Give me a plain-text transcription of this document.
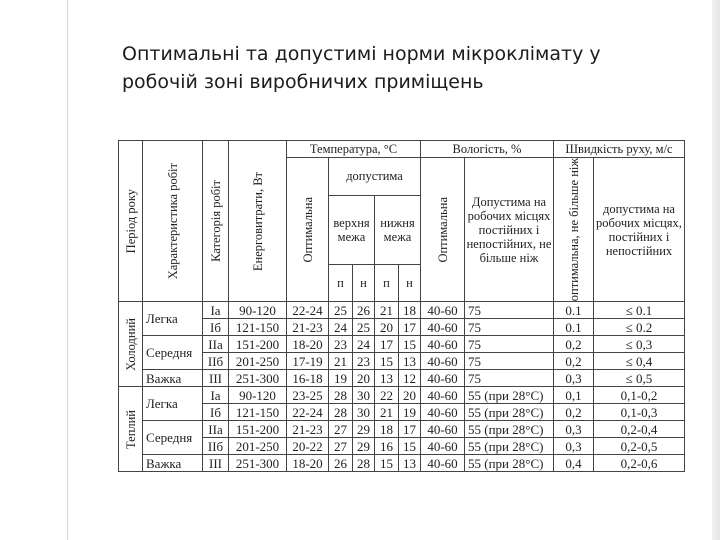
Оптимальні та допустимі норми мікроклімату у
робочій зоні виробничих приміщень
Період року	Характеристика робіт	Категорія робіт	Енерговитрати, Вт	Температура, °С					Вологість, %		Швидкість руху, м/с	

				Оптимальна	допустима				Оптимальна	Допустима на робочих місцях постійних і непостійних, не більше ніж	оптимальна, не більше ніж	допустима на робочих місцях, постійних і непостійних
					верхня межа		нижня межа					
					п	н	п	н				

Холодний	Легка	Іа	90-120	22-24	25	26	21	18	40-60	75	0.1	≤ 0.1
		Іб	121-150	21-23	24	25	20	17	40-60	75	0.1	≤ 0.2
	Середня	ІІа	151-200	18-20	23	24	17	15	40-60	75	0,2	≤ 0,3
		ІІб	201-250	17-19	21	23	15	13	40-60	75	0,2	≤ 0,4
	Важка	ІІІ	251-300	16-18	19	20	13	12	40-60	75	0,3	≤ 0,5

Теплий	Легка	Іа	90-120	23-25	28	30	22	20	40-60	55 (при 28°С)	0,1	0,1-0,2
		Іб	121-150	22-24	28	30	21	19	40-60	55 (при 28°С)	0,2	0,1-0,3
	Середня	ІІа	151-200	21-23	27	29	18	17	40-60	55 (при 28°С)	0,3	0,2-0,4
		ІІб	201-250	20-22	27	29	16	15	40-60	55 (при 28°С)	0,3	0,2-0,5
	Важка	ІІІ	251-300	18-20	26	28	15	13	40-60	55 (при 28°С)	0,4	0,2-0,6
